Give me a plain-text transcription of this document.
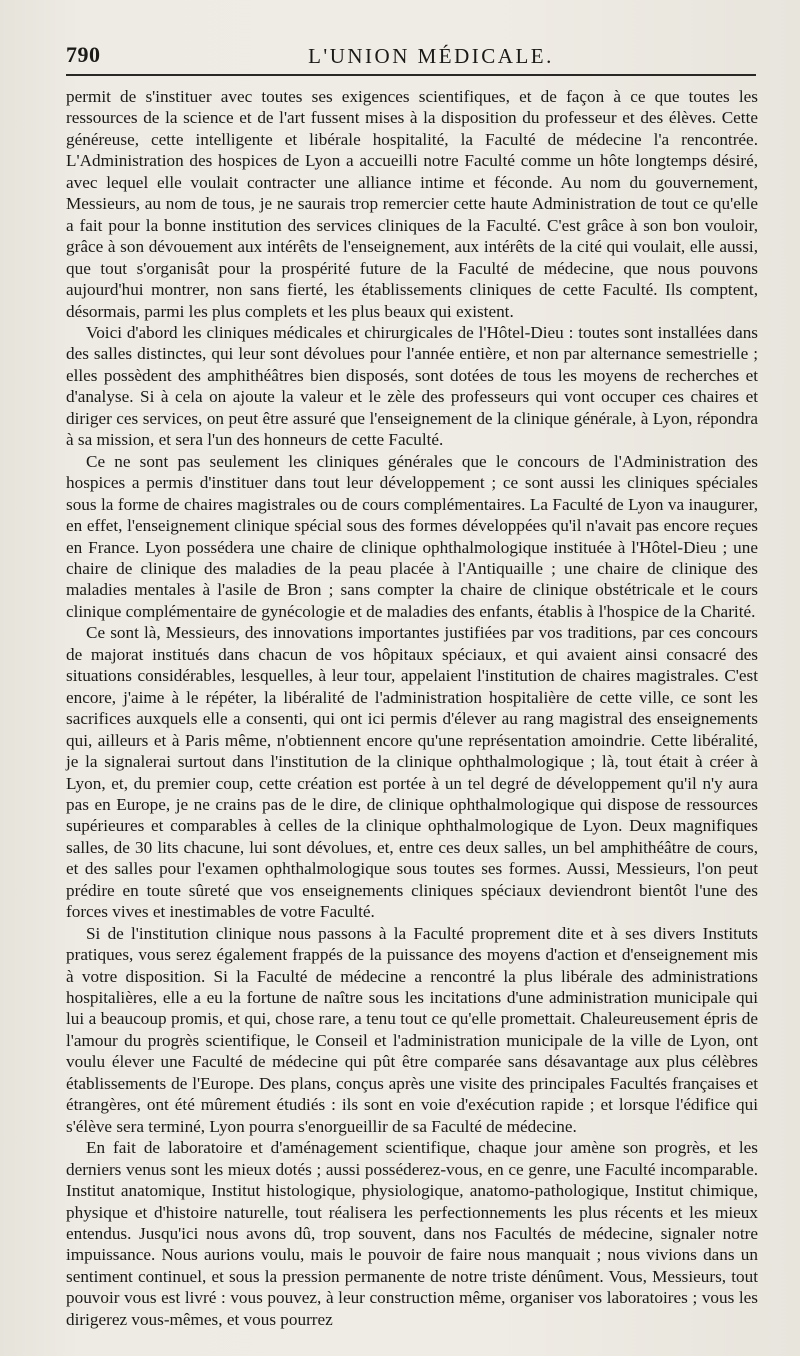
790	L'UNION MÉDICALE.

permit de s'instituer avec toutes ses exigences scientifiques, et de façon à ce que toutes les ressources de la science et de l'art fussent mises à la disposition du professeur et des élèves. Cette généreuse, cette intelligente et libérale hospitalité, la Faculté de médecine l'a rencontrée. L'Administration des hospices de Lyon a accueilli notre Faculté comme un hôte longtemps désiré, avec lequel elle voulait contracter une alliance intime et féconde. Au nom du gouvernement, Messieurs, au nom de tous, je ne saurais trop remercier cette haute Administration de tout ce qu'elle a fait pour la bonne institution des services cliniques de la Faculté. C'est grâce à son bon vouloir, grâce à son dévouement aux intérêts de l'enseignement, aux intérêts de la cité qui voulait, elle aussi, que tout s'organisât pour la prospérité future de la Faculté de médecine, que nous pouvons aujourd'hui montrer, non sans fierté, les établissements cliniques de cette Faculté. Ils comptent, désormais, parmi les plus complets et les plus beaux qui existent.

Voici d'abord les cliniques médicales et chirurgicales de l'Hôtel-Dieu : toutes sont installées dans des salles distinctes, qui leur sont dévolues pour l'année entière, et non par alternance semestrielle ; elles possèdent des amphithéâtres bien disposés, sont dotées de tous les moyens de recherches et d'analyse. Si à cela on ajoute la valeur et le zèle des professeurs qui vont occuper ces chaires et diriger ces services, on peut être assuré que l'enseignement de la clinique générale, à Lyon, répondra à sa mission, et sera l'un des honneurs de cette Faculté.

Ce ne sont pas seulement les cliniques générales que le concours de l'Administration des hospices a permis d'instituer dans tout leur développement ; ce sont aussi les cliniques spéciales sous la forme de chaires magistrales ou de cours complémentaires. La Faculté de Lyon va inaugurer, en effet, l'enseignement clinique spécial sous des formes développées qu'il n'avait pas encore reçues en France. Lyon possédera une chaire de clinique ophthalmologique instituée à l'Hôtel-Dieu ; une chaire de clinique des maladies de la peau placée à l'Antiquaille ; une chaire de clinique des maladies mentales à l'asile de Bron ; sans compter la chaire de clinique obstétricale et le cours clinique complémentaire de gynécologie et de maladies des enfants, établis à l'hospice de la Charité.

Ce sont là, Messieurs, des innovations importantes justifiées par vos traditions, par ces concours de majorat institués dans chacun de vos hôpitaux spéciaux, et qui avaient ainsi consacré des situations considérables, lesquelles, à leur tour, appelaient l'institution de chaires magistrales. C'est encore, j'aime à le répéter, la libéralité de l'administration hospitalière de cette ville, ce sont les sacrifices auxquels elle a consenti, qui ont ici permis d'élever au rang magistral des enseignements qui, ailleurs et à Paris même, n'obtiennent encore qu'une représentation amoindrie. Cette libéralité, je la signalerai surtout dans l'institution de la clinique ophthalmologique ; là, tout était à créer à Lyon, et, du premier coup, cette création est portée à un tel degré de développement qu'il n'y aura pas en Europe, je ne crains pas de le dire, de clinique ophthalmologique qui dispose de ressources supérieures et comparables à celles de la clinique ophthalmologique de Lyon. Deux magnifiques salles, de 30 lits chacune, lui sont dévolues, et, entre ces deux salles, un bel amphithéâtre de cours, et des salles pour l'examen ophthalmologique sous toutes ses formes. Aussi, Messieurs, l'on peut prédire en toute sûreté que vos enseignements cliniques spéciaux deviendront bientôt l'une des forces vives et inestimables de votre Faculté.

Si de l'institution clinique nous passons à la Faculté proprement dite et à ses divers Instituts pratiques, vous serez également frappés de la puissance des moyens d'action et d'enseignement mis à votre disposition. Si la Faculté de médecine a rencontré la plus libérale des administrations hospitalières, elle a eu la fortune de naître sous les incitations d'une administration municipale qui lui a beaucoup promis, et qui, chose rare, a tenu tout ce qu'elle promettait. Chaleureusement épris de l'amour du progrès scientifique, le Conseil et l'administration municipale de la ville de Lyon, ont voulu élever une Faculté de médecine qui pût être comparée sans désavantage aux plus célèbres établissements de l'Europe. Des plans, conçus après une visite des principales Facultés françaises et étrangères, ont été mûrement étudiés : ils sont en voie d'exécution rapide ; et lorsque l'édifice qui s'élève sera terminé, Lyon pourra s'enorgueillir de sa Faculté de médecine.

En fait de laboratoire et d'aménagement scientifique, chaque jour amène son progrès, et les derniers venus sont les mieux dotés ; aussi posséderez-vous, en ce genre, une Faculté incomparable. Institut anatomique, Institut histologique, physiologique, anatomo-pathologique, Institut chimique, physique et d'histoire naturelle, tout réalisera les perfectionnements les plus récents et les mieux entendus. Jusqu'ici nous avons dû, trop souvent, dans nos Facultés de médecine, signaler notre impuissance. Nous aurions voulu, mais le pouvoir de faire nous manquait ; nous vivions dans un sentiment continuel, et sous la pression permanente de notre triste dénûment. Vous, Messieurs, tout pouvoir vous est livré : vous pouvez, à leur construction même, organiser vos laboratoires ; vous les dirigerez vous-mêmes, et vous pourrez
